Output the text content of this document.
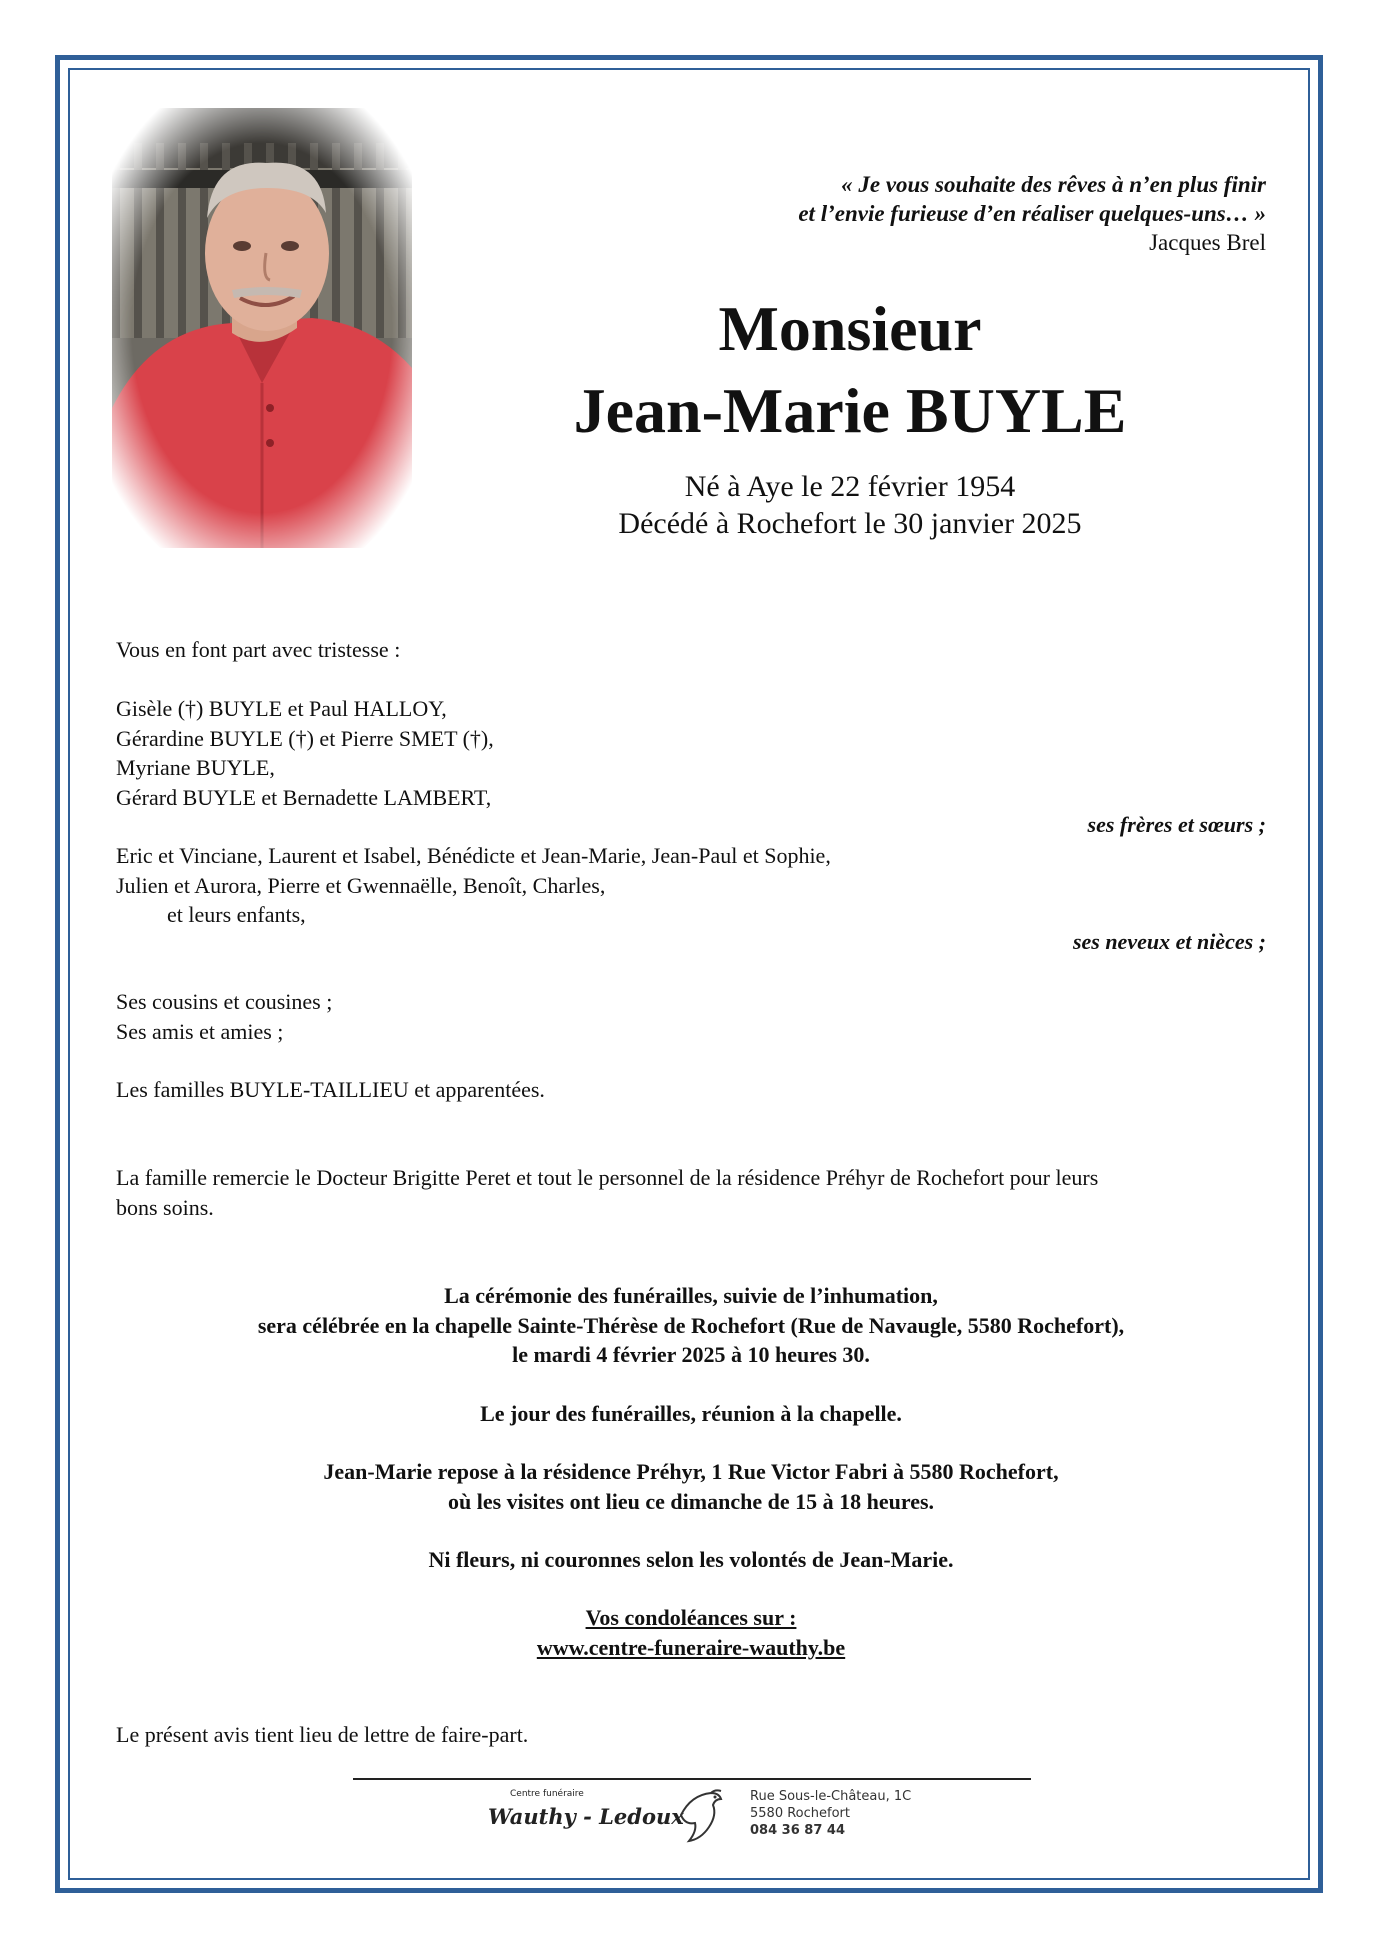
« Je vous souhaite des rêves à n’en plus finir
et l’envie furieuse d’en réaliser quelques-uns… »
Jacques Brel
Monsieur
Jean-Marie BUYLE
Né à Aye le 22 février 1954
Décédé à Rochefort le 30 janvier 2025
Vous en font part avec tristesse :
Gisèle (†) BUYLE et Paul HALLOY,
Gérardine BUYLE (†) et Pierre SMET (†),
Myriane BUYLE,
Gérard BUYLE et Bernadette LAMBERT,
ses frères et sœurs ;
Eric et Vinciane, Laurent et Isabel, Bénédicte et Jean-Marie, Jean-Paul et Sophie,
Julien et Aurora, Pierre et Gwennaëlle, Benoît, Charles,
et leurs enfants,
ses neveux et nièces ;
Ses cousins et cousines ;
Ses amis et amies ;
Les familles BUYLE-TAILLIEU et apparentées.
La famille remercie le Docteur Brigitte Peret et tout le personnel de la résidence Préhyr de Rochefort pour leurs
bons soins.
La cérémonie des funérailles, suivie de l’inhumation,
sera célébrée en la chapelle Sainte-Thérèse de Rochefort (Rue de Navaugle, 5580 Rochefort),
le mardi 4 février 2025 à 10 heures 30.
Le jour des funérailles, réunion à la chapelle.
Jean-Marie repose à la résidence Préhyr, 1 Rue Victor Fabri à 5580 Rochefort,
où les visites ont lieu ce dimanche de 15 à 18 heures.
Ni fleurs, ni couronnes selon les volontés de Jean-Marie.
Vos condoléances sur :
www.centre-funeraire-wauthy.be
Le présent avis tient lieu de lettre de faire-part.
Centre funéraire
Wauthy - Ledoux
Rue Sous-le-Château, 1C
5580 Rochefort
084 36 87 44
